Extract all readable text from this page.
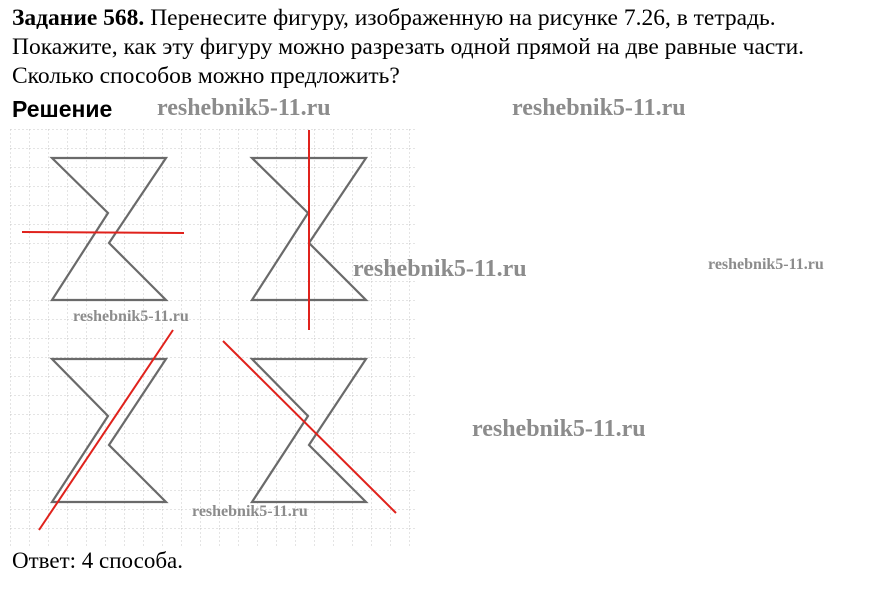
Задание 568. Перенесите фигуру, изображенную на рисунке 7.26, в тетрадь. Покажите, как эту фигуру можно разрезать одной прямой на две равные части. Сколько способов можно предложить?
Решение reshebnik5-11.ru	reshebnik5-11.ru
reshebnik5-11.ru	reshebnik5-11.ru
reshebnik5-11.ru
reshebnik5-11.ru
reshebnik5-11.ru
Ответ: 4 способа.
